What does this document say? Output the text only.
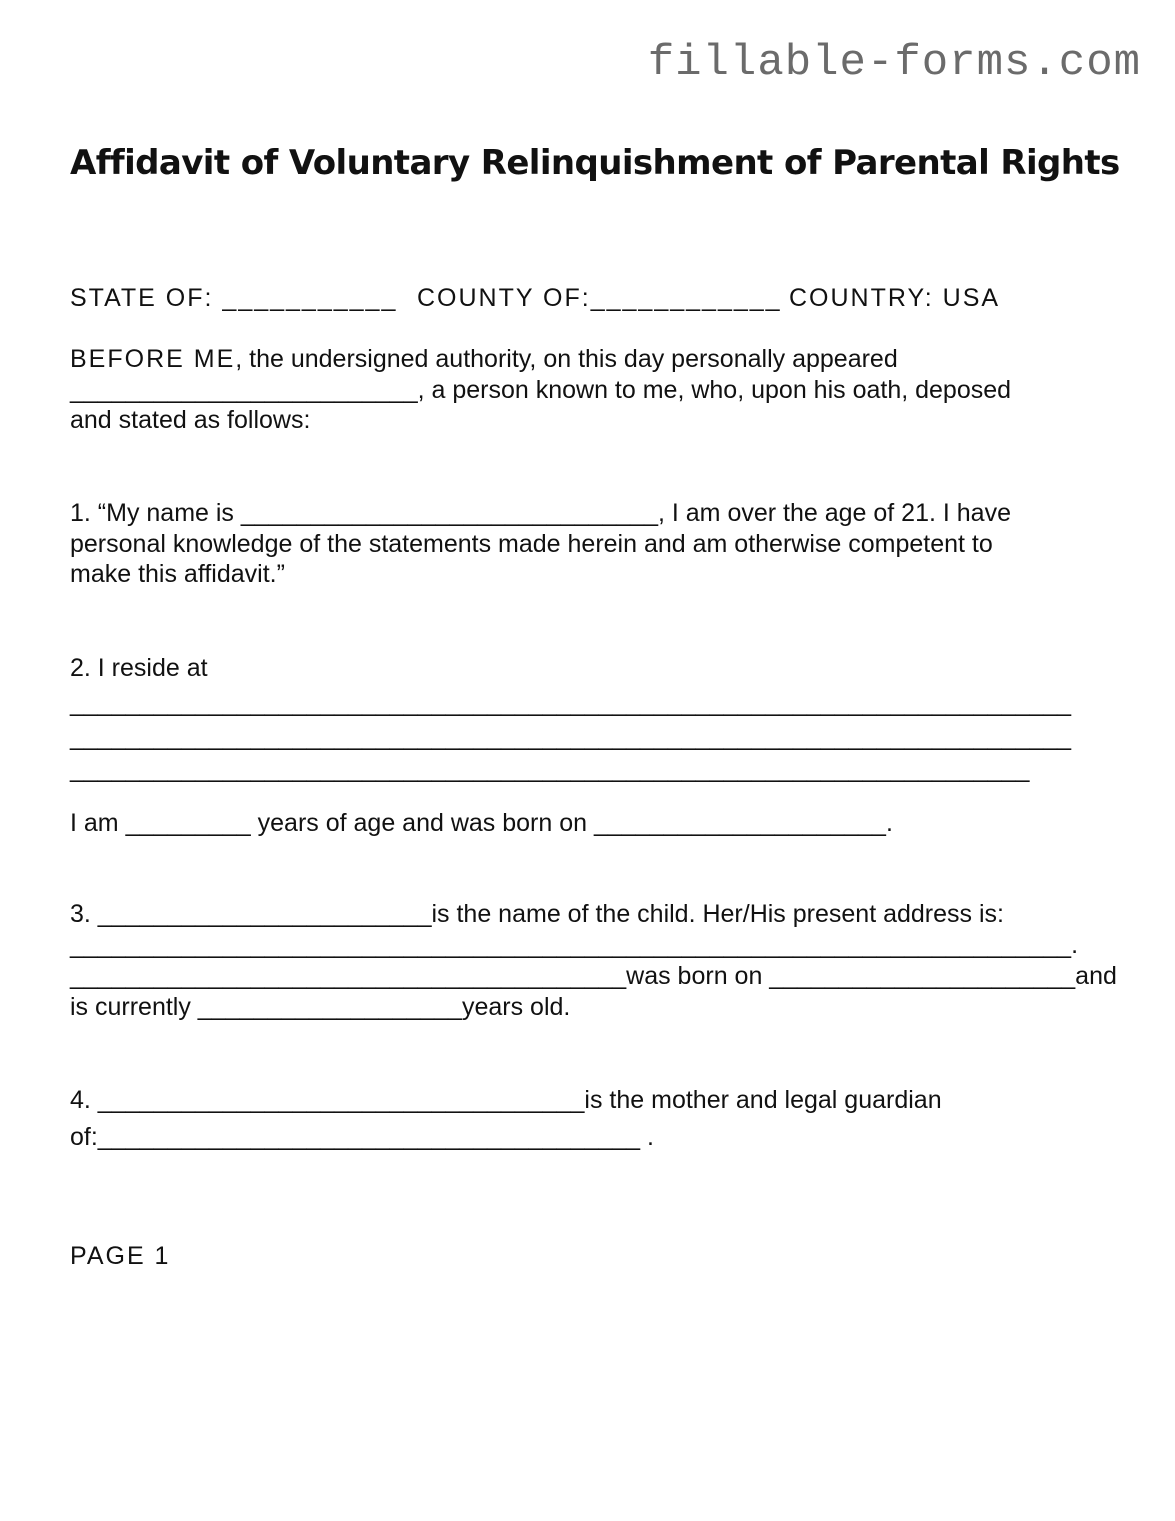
fillable-forms.com
Affidavit of Voluntary Relinquishment of Parental Rights
STATE OF: ___________ COUNTY OF:____________ COUNTRY: USA
BEFORE ME, the undersigned authority, on this day personally appeared
_________________________, a person known to me, who, upon his oath, deposed
and stated as follows:
1. “My name is ______________________________, I am over the age of 21. I have
personal knowledge of the statements made herein and am otherwise competent to
make this affidavit.”
2. I reside at
________________________________________________________________________
________________________________________________________________________
_____________________________________________________________________
I am _________ years of age and was born on _____________________.
3. ________________________is the name of the child. Her/His present address is:
________________________________________________________________________.
________________________________________was born on ______________________and
is currently ___________________years old.
4. ___________________________________is the mother and legal guardian
of:_______________________________________ .
PAGE 1
